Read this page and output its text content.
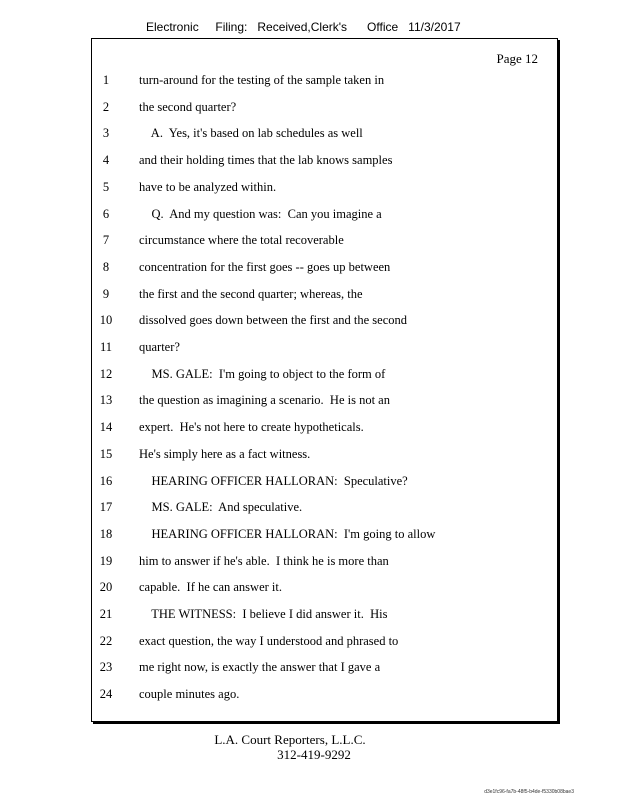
Electronic     Filing:   Received,Clerk's      Office   11/3/2017
Page 12
1	turn-around for the testing of the sample taken in
2	the second quarter?
3	A.  Yes, it's based on lab schedules as well
4	and their holding times that the lab knows samples
5	have to be analyzed within.
6	Q.  And my question was:  Can you imagine a
7	circumstance where the total recoverable
8	concentration for the first goes -- goes up between
9	the first and the second quarter; whereas, the
10	dissolved goes down between the first and the second
11	quarter?
12	MS. GALE:  I'm going to object to the form of
13	the question as imagining a scenario.  He is not an
14	expert.  He's not here to create hypotheticals.
15	He's simply here as a fact witness.
16	HEARING OFFICER HALLORAN:  Speculative?
17	MS. GALE:  And speculative.
18	HEARING OFFICER HALLORAN:  I'm going to allow
19	him to answer if he's able.  I think he is more than
20	capable.  If he can answer it.
21	THE WITNESS:  I believe I did answer it.  His
22	exact question, the way I understood and phrased to
23	me right now, is exactly the answer that I gave a
24	couple minutes ago.
L.A. Court Reporters, L.L.C.
312-419-9292
d3e1fc96-fa7b-48f5-b4de-f5330b08bae3
